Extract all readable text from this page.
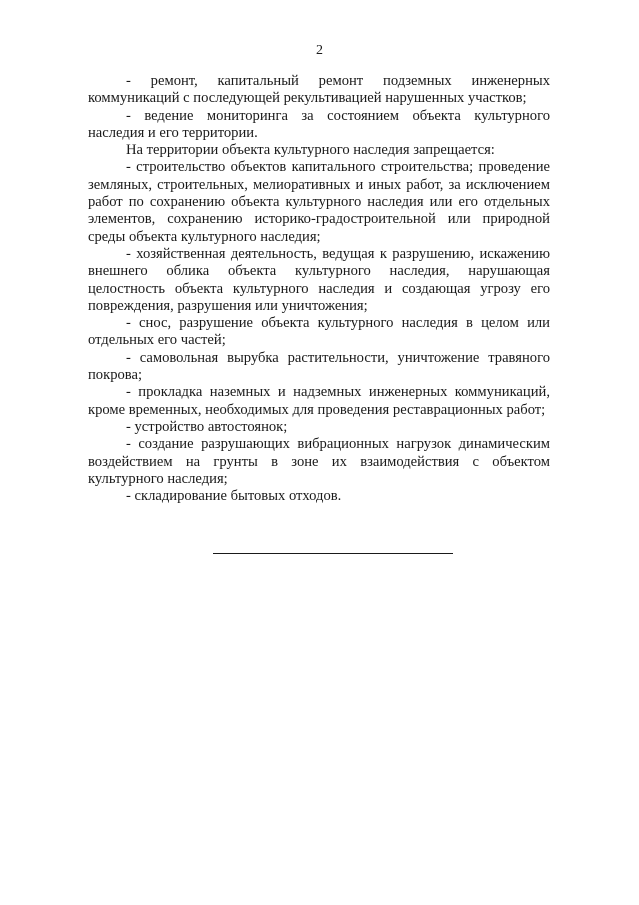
2

- ремонт, капитальный ремонт подземных инженерных коммуникаций с последующей рекультивацией нарушенных участков;

- ведение мониторинга за состоянием объекта культурного наследия и его территории.

На территории объекта культурного наследия запрещается:

- строительство объектов капитального строительства; проведение земляных, строительных, мелиоративных и иных работ, за исключением работ по сохранению объекта культурного наследия или его отдельных элементов, сохранению историко-градостроительной или природной среды объекта культурного наследия;

- хозяйственная деятельность, ведущая к разрушению, искажению внешнего облика объекта культурного наследия, нарушающая целостность объекта культурного наследия и создающая угрозу его повреждения, разрушения или уничтожения;

- снос, разрушение объекта культурного наследия в целом или отдельных его частей;

- самовольная вырубка растительности, уничтожение травяного покрова;

- прокладка наземных и надземных инженерных коммуникаций, кроме временных, необходимых для проведения реставрационных работ;

- устройство автостоянок;

- создание разрушающих вибрационных нагрузок динамическим воздействием на грунты в зоне их взаимодействия с объектом культурного наследия;

- складирование бытовых отходов.
